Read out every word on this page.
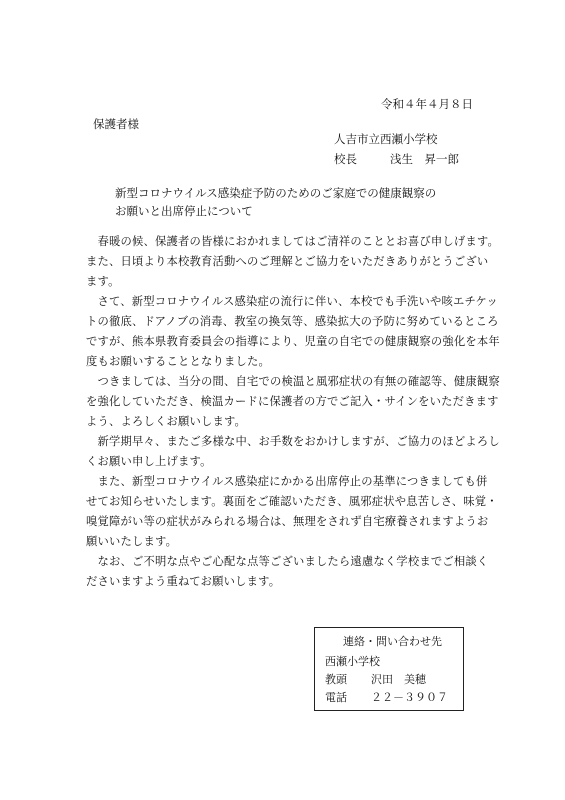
令和４年４月８日
保護者様
人吉市立西瀬小学校
校長	浅生　昇一郎
新型コロナウイルス感染症予防のためのご家庭での健康観察の
お願いと出席停止について
　春暖の候、保護者の皆様におかれましてはご清祥のこととお喜び申しげます。
また、日頃より本校教育活動へのご理解とご協力をいただきありがとうござい
ます。
　さて、新型コロナウイルス感染症の流行に伴い、本校でも手洗いや咳エチケッ
トの徹底、ドアノブの消毒、教室の換気等、感染拡大の予防に努めているところ
ですが、熊本県教育委員会の指導により、児童の自宅での健康観察の強化を本年
度もお願いすることとなりました。
　つきましては、当分の間、自宅での検温と風邪症状の有無の確認等、健康観察
を強化していただき、検温カードに保護者の方でご記入・サインをいただきます
よう、よろしくお願いします。
　新学期早々、またご多様な中、お手数をおかけしますが、ご協力のほどよろし
くお願い申し上げます。
　また、新型コロナウイルス感染症にかかる出席停止の基準につきましても併
せてお知らせいたします。裏面をご確認いただき、風邪症状や息苦しさ、味覚・
嗅覚障がい等の症状がみられる場合は、無理をされず自宅療養されますようお
願いいたします。
　なお、ご不明な点やご心配な点等ございましたら遠慮なく学校までご相談く
ださいますよう重ねてお願いします。
連絡・問い合わせ先
西瀬小学校
教頭 沢田　美穂
電話 ２２－３９０７
